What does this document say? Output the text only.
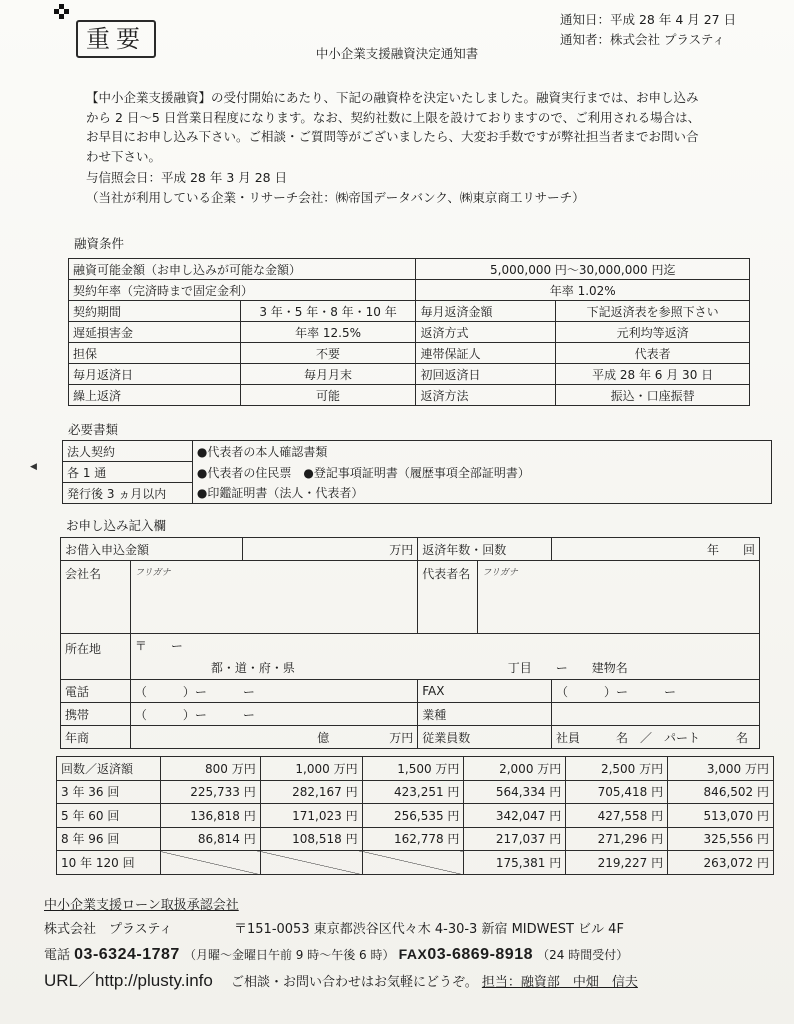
◀
重要
通知日：平成 28 年 4 月 27 日
通知者：株式会社 プラスティ
中小企業支援融資決定通知書

【中小企業支援融資】の受付開始にあたり、下記の融資枠を決定いたしました。融資実行までは、お申し込み

から 2 日～5 日営業日程度になります。なお、契約社数に上限を設けておりますので、ご利用される場合は、

お早目にお申し込み下さい。ご相談・ご質問等がございましたら、大変お手数ですが弊社担当者までお問い合

わせ下さい。

与信照会日：平成 28 年 3 月 28 日
（当社が利用している企業・リサーチ会社：㈱帝国データバンク、㈱東京商工リサーチ）
融資条件
融資可能金額（お申し込みが可能な金額）		5,000,000 円～30,000,000 円迄	
契約年率（完済時まで固定金利）		年率 1.02%	
契約期間	3 年・5 年・8 年・10 年	毎月返済金額	下記返済表を参照下さい
遅延損害金	年率 12.5%	返済方式	元利均等返済
担保	不要	連帯保証人	代表者
毎月返済日	毎月月末	初回返済日	平成 28 年 6 月 30 日
繰上返済	可能	返済方法	振込・口座振替
必要書類
法人契約	●代表者の本人確認書類
各 1 通	●代表者の住民票　●登記事項証明書（履歴事項全部証明書）
発行後 3 ヵ月以内	●印鑑証明書（法人・代表者）
お申し込み記入欄
お借入申込金額		万円	返済年数・回数		年　　回
会社名	フリガナ		代表者名	フリガナ	

所在地	〒　　ー				
	都・道・府・県		丁目　　ー　　建物名		
電話	（　　　）ー　　　ー		FAX		（　　　）ー　　　ー
携帯	（　　　）ー　　　ー		業種		
年商	億　　　　　万円		従業員数		社員　　　名　／　パート　　　名
回数／返済額	800 万円	1,000 万円	1,500 万円	2,000 万円	2,500 万円	3,000 万円
3 年 36 回	225,733 円	282,167 円	423,251 円	564,334 円	705,418 円	846,502 円
5 年 60 回	136,818 円	171,023 円	256,535 円	342,047 円	427,558 円	513,070 円
8 年 96 回	86,814 円	108,518 円	162,778 円	217,037 円	271,296 円	325,556 円
10 年 120 回				175,381 円	219,227 円	263,072 円
中小企業支援ローン取扱承認会社
株式会社　プラスティ	〒151-0053 東京都渋谷区代々木 4-30-3 新宿 MIDWEST ビル 4F
電話 03-6324-1787 （月曜～金曜日午前 9 時～午後 6 時） FAX03-6869-8918 （24 時間受付）
URL／http://plusty.info ご相談・お問い合わせはお気軽にどうぞ。 担当：融資部　中畑　信夫
